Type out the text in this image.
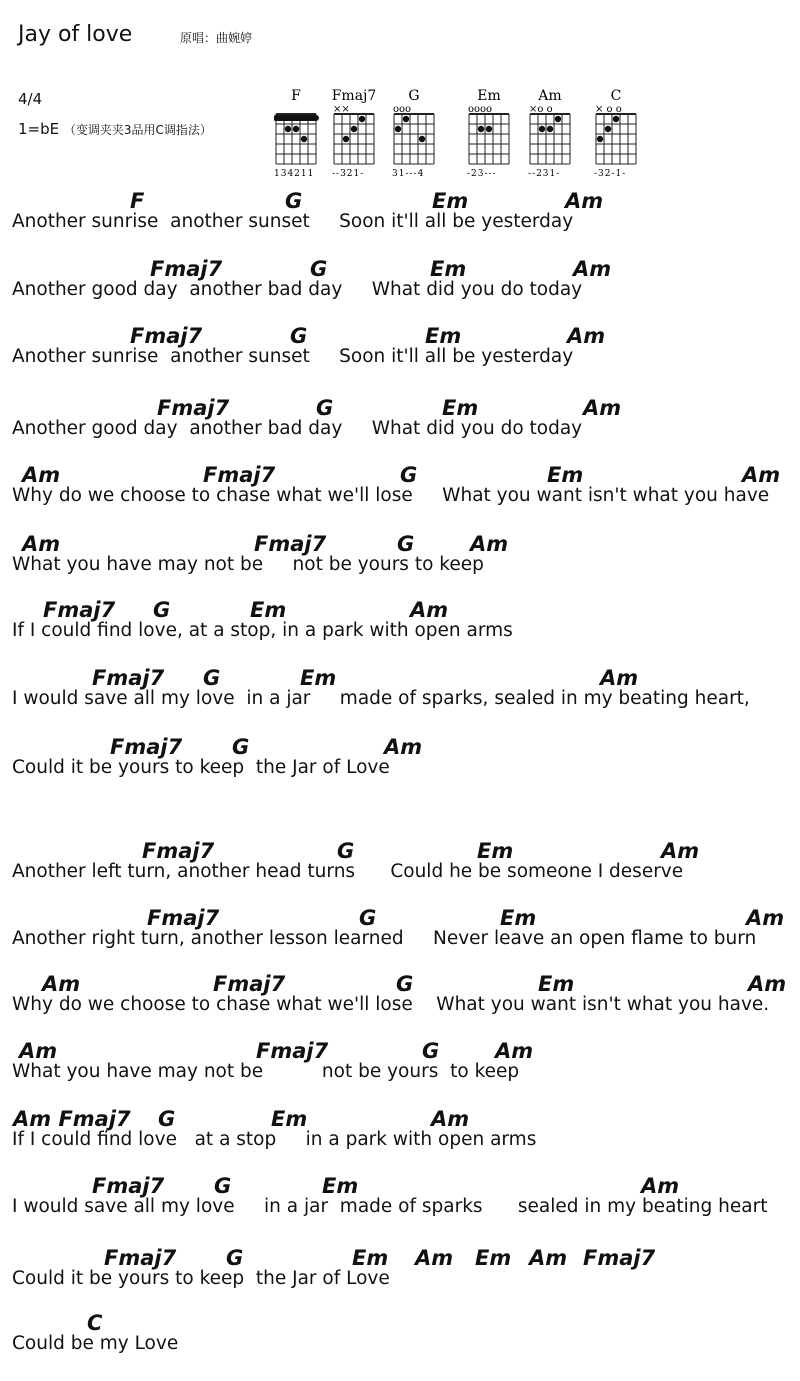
Jay of love	原唱：曲婉婷
4/4
1=bE （变调夹夹3品用C调指法）
F
134211
Fmaj7
××
--321-
G
ooo
31---4
Em
oooo
-23---
Am
×o o
--231-
C
× o o
-32-1-
F	G	Em	Am
Another sunrise  another sunset     Soon it'll all be yesterday
Fmaj7	G	Em	Am
Another good day  another bad day     What did you do today
Fmaj7	G	Em	Am
Another sunrise  another sunset     Soon it'll all be yesterday
Fmaj7	G	Em	Am
Another good day  another bad day     What did you do today
Am	Fmaj7	G	Em	Am
Why do we choose to chase what we'll lose     What you want isn't what you have
Am	Fmaj7	G	Am
What you have may not be     not be yours to keep
Fmaj7 G	Em	Am
If I could find love, at a stop, in a park with open arms
Fmaj7 G	Em	Am
I would save all my love  in a jar     made of sparks, sealed in my beating heart,
Fmaj7 G	Am
Could it be yours to keep  the Jar of Love
Fmaj7	G	Em	Am
Another left turn, another head turns      Could he be someone I deserve
Fmaj7	G	Em	Am
Another right turn, another lesson learned     Never leave an open flame to burn
Am	Fmaj7	G	Em	Am
Why do we choose to chase what we'll lose    What you want isn't what you have.
Am	Fmaj7	G	Am
What you have may not be          not be yours  to keep
Am Fmaj7 G	Em	Am
If I could find love   at a stop     in a park with open arms
Fmaj7 G	Em	Am
I would save all my love     in a jar  made of sparks      sealed in my beating heart
Fmaj7 G	Em Am Em Am Fmaj7
Could it be yours to keep  the Jar of Love
C
Could be my Love
